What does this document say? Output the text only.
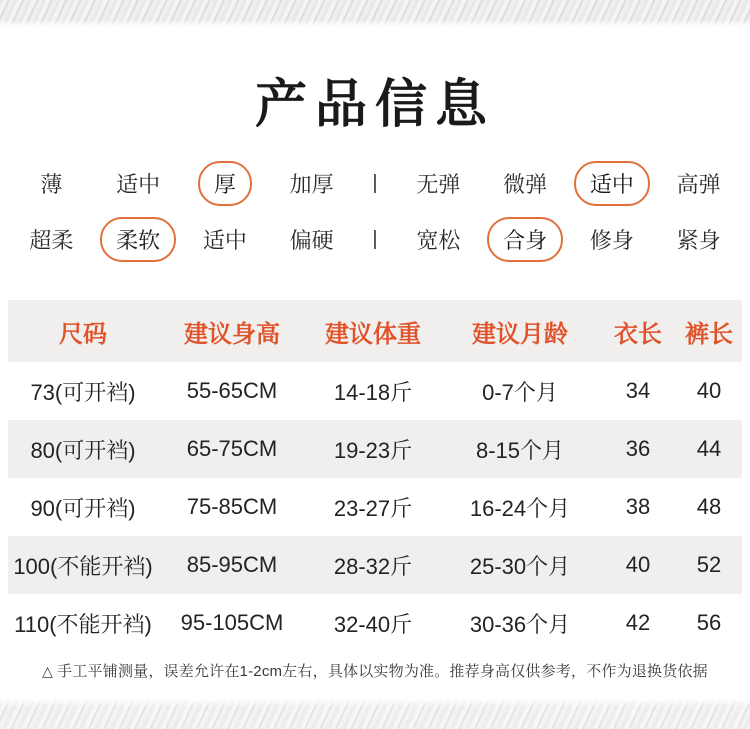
产品信息
薄	适中	厚	加厚	|	无弹	微弹	适中	高弹
超柔	柔软	适中	偏硬	|	宽松	合身	修身	紧身
尺码	建议身高	建议体重	建议月龄	衣长	裤长
73(可开裆)	55-65CM	14-18斤	0-7个月	34	40
80(可开裆)	65-75CM	19-23斤	8-15个月	36	44
90(可开裆)	75-85CM	23-27斤	16-24个月	38	48
100(不能开裆)	85-95CM	28-32斤	25-30个月	40	52
110(不能开裆)	95-105CM	32-40斤	30-36个月	42	56
△ 手工平铺测量，误差允许在1-2cm左右，具体以实物为准。推荐身高仅供参考，不作为退换货依据
